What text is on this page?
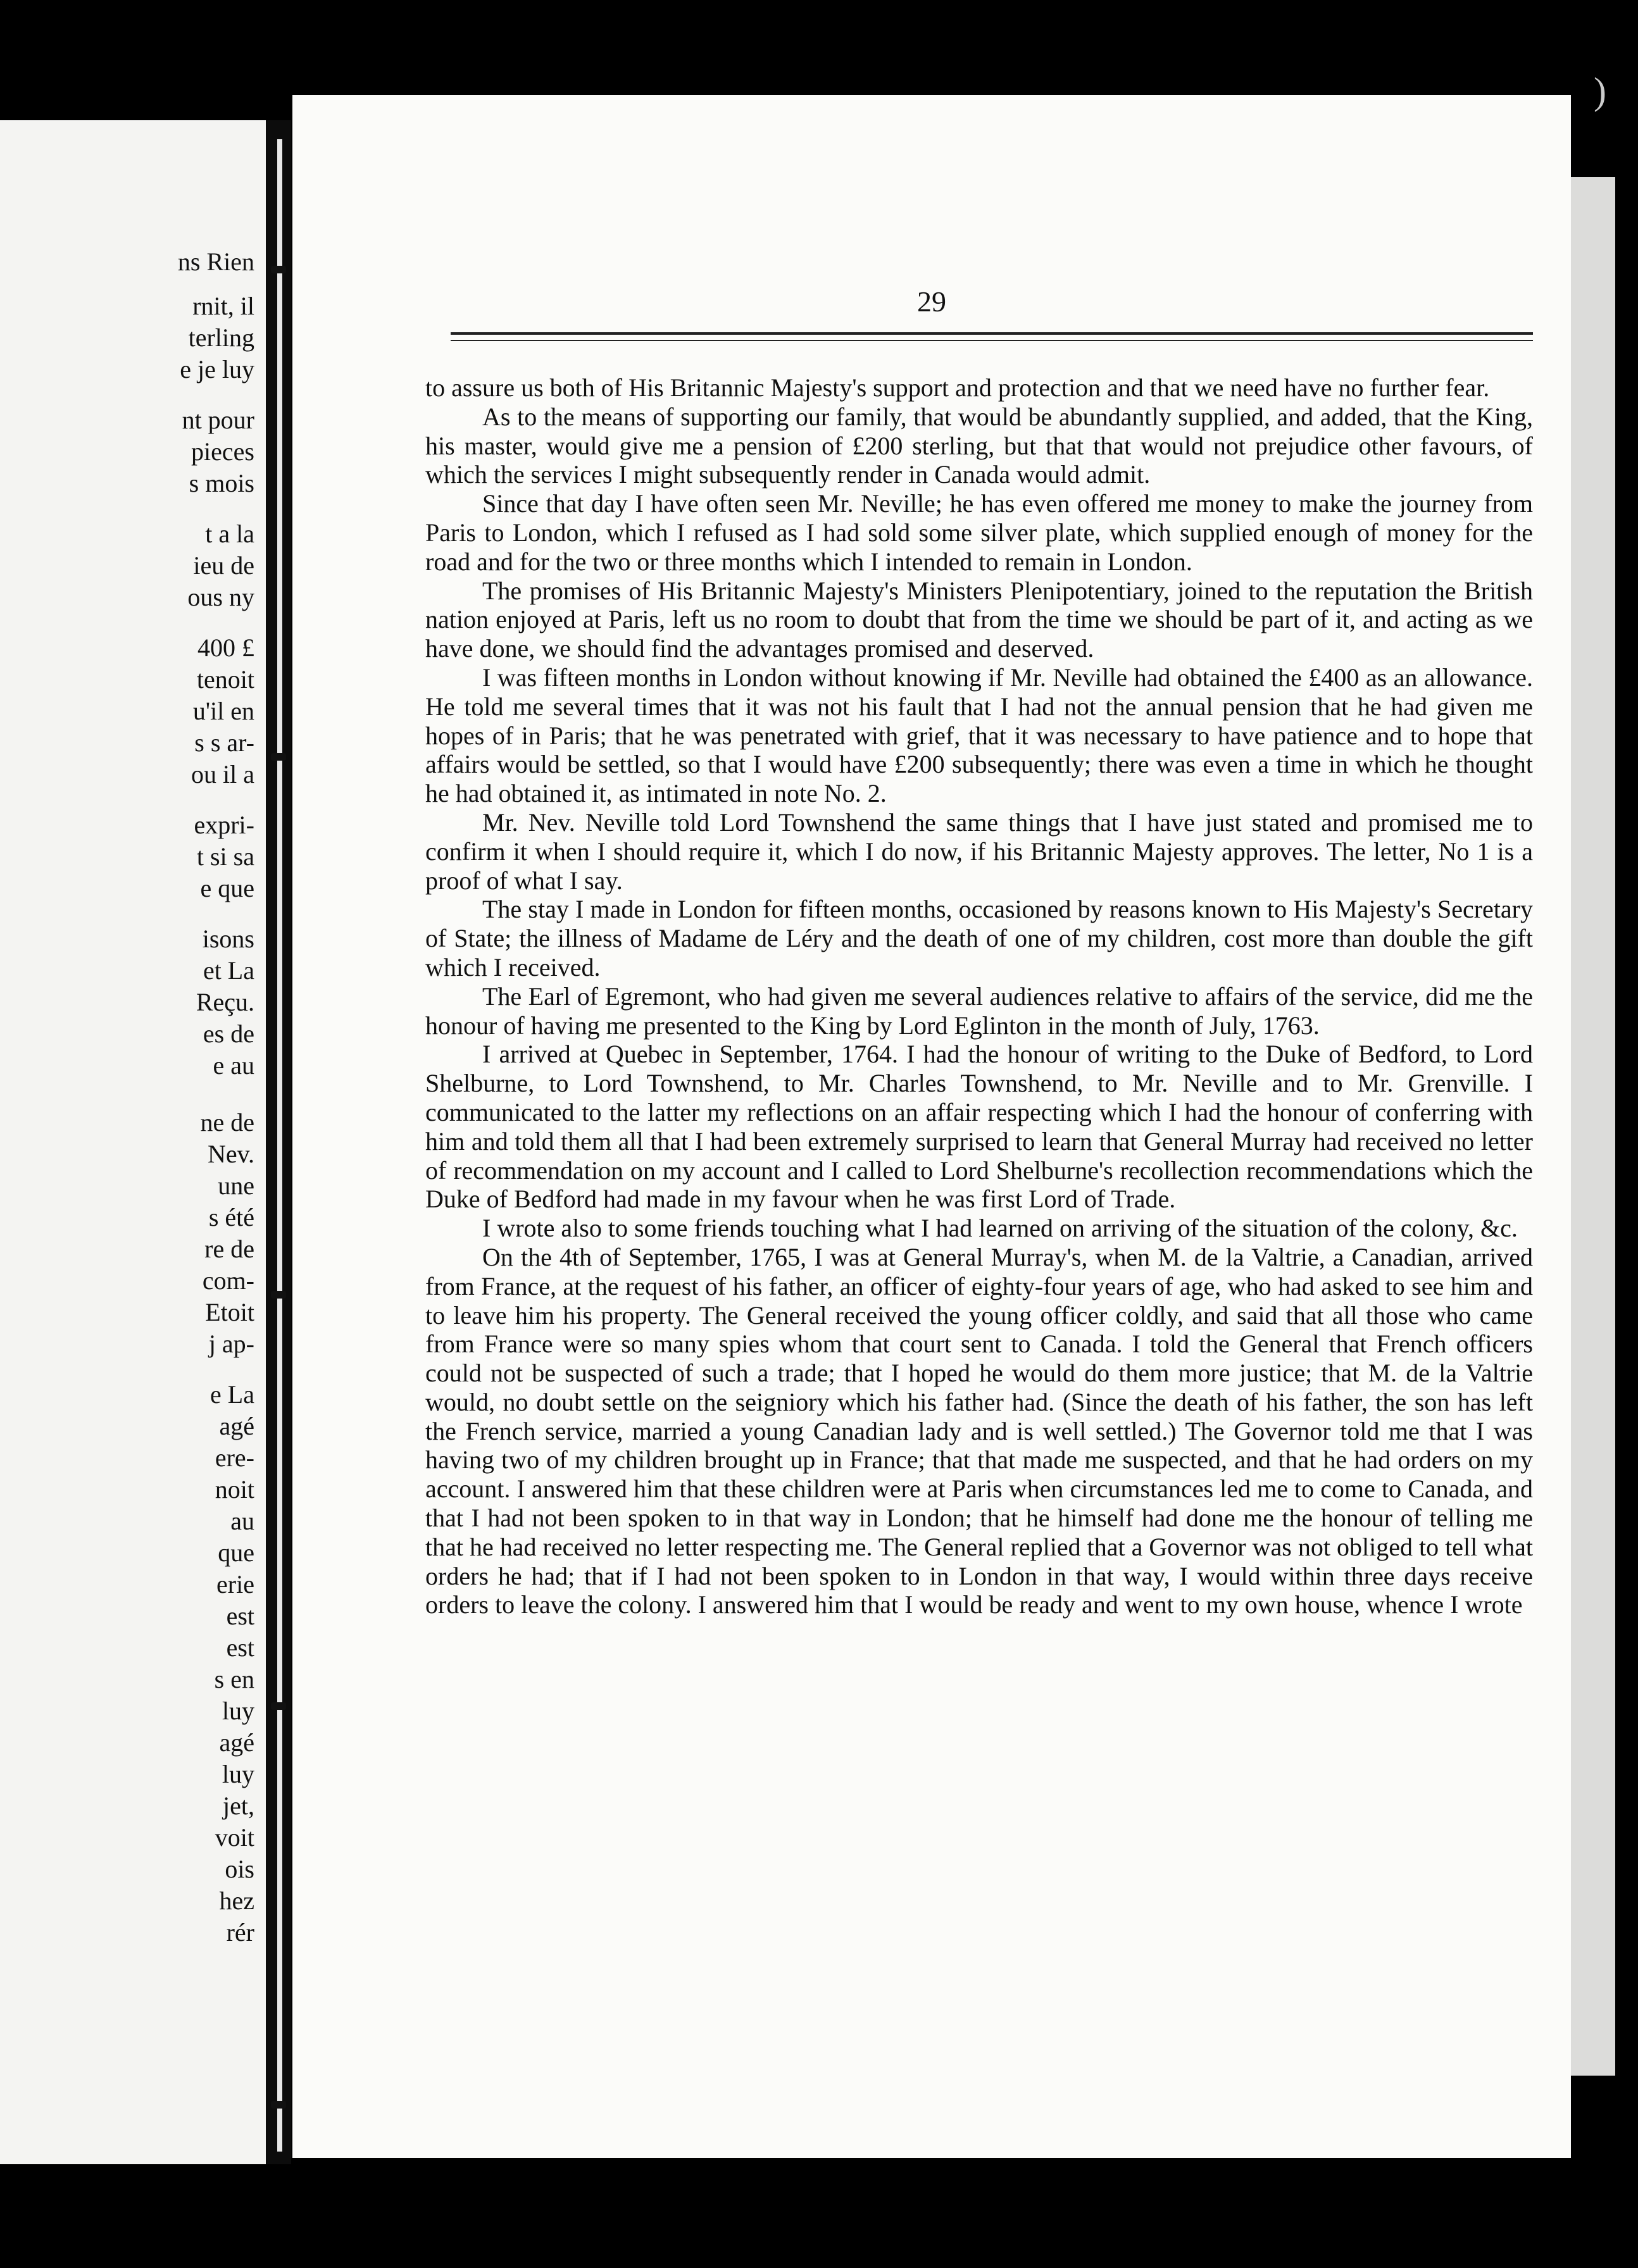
ns Rien
rnit, il
terling
e je luy
nt pour
pieces
s mois
t a la
ieu de
ous ny
400 £
tenoit
u'il en
s s ar-
ou il a
expri-
t si sa
e que
isons
et La
Reçu.
es de
e au
ne de
Nev.
une
s été
re de
com-
Etoit
j ap-
e La
agé
ere-
noit
au
que
erie
est
est
s en
luy
agé
luy
jet,
voit
ois
hez
rér
29

to assure us both of His Britannic Majesty's support and protection and that we need have no further fear.

As to the means of supporting our family, that would be abundantly supplied, and added, that the King, his master, would give me a pension of £200 sterling, but that that would not prejudice other favours, of which the services I might subsequently render in Canada would admit.

Since that day I have often seen Mr. Neville; he has even offered me money to make the journey from Paris to London, which I refused as I had sold some silver plate, which supplied enough of money for the road and for the two or three months which I intended to remain in London.

The promises of His Britannic Majesty's Ministers Plenipotentiary, joined to the reputation the British nation enjoyed at Paris, left us no room to doubt that from the time we should be part of it, and acting as we have done, we should find the advantages promised and deserved.

I was fifteen months in London without knowing if Mr. Neville had obtained the £400 as an allowance. He told me several times that it was not his fault that I had not the annual pension that he had given me hopes of in Paris; that he was penetrated with grief, that it was necessary to have patience and to hope that affairs would be settled, so that I would have £200 subsequently; there was even a time in which he thought he had obtained it, as intimated in note No. 2.

Mr. Nev. Neville told Lord Townshend the same things that I have just stated and promised me to confirm it when I should require it, which I do now, if his Britannic Majesty approves. The letter, No 1 is a proof of what I say.

The stay I made in London for fifteen months, occasioned by reasons known to His Majesty's Secretary of State; the illness of Madame de Léry and the death of one of my children, cost more than double the gift which I received.

The Earl of Egremont, who had given me several audiences relative to affairs of the service, did me the honour of having me presented to the King by Lord Eglinton in the month of July, 1763.

I arrived at Quebec in September, 1764. I had the honour of writing to the Duke of Bedford, to Lord Shelburne, to Lord Townshend, to Mr. Charles Townshend, to Mr. Neville and to Mr. Grenville. I communicated to the latter my reflections on an affair respecting which I had the honour of conferring with him and told them all that I had been extremely surprised to learn that General Murray had received no letter of recommendation on my account and I called to Lord Shelburne's recollection recommendations which the Duke of Bedford had made in my favour when he was first Lord of Trade.

I wrote also to some friends touching what I had learned on arriving of the situation of the colony, &c.

On the 4th of September, 1765, I was at General Murray's, when M. de la Valtrie, a Canadian, arrived from France, at the request of his father, an officer of eighty-four years of age, who had asked to see him and to leave him his property. The General received the young officer coldly, and said that all those who came from France were so many spies whom that court sent to Canada. I told the General that French officers could not be suspected of such a trade; that I hoped he would do them more justice; that M. de la Valtrie would, no doubt settle on the seigniory which his father had. (Since the death of his father, the son has left the French service, married a young Canadian lady and is well settled.) The Governor told me that I was having two of my children brought up in France; that that made me suspected, and that he had orders on my account. I answered him that these children were at Paris when circumstances led me to come to Canada, and that I had not been spoken to in that way in London; that he himself had done me the honour of telling me that he had received no letter respecting me. The General replied that a Governor was not obliged to tell what orders he had; that if I had not been spoken to in London in that way, I would within three days receive orders to leave the colony. I answered him that I would be ready and went to my own house, whence I wrote

)
